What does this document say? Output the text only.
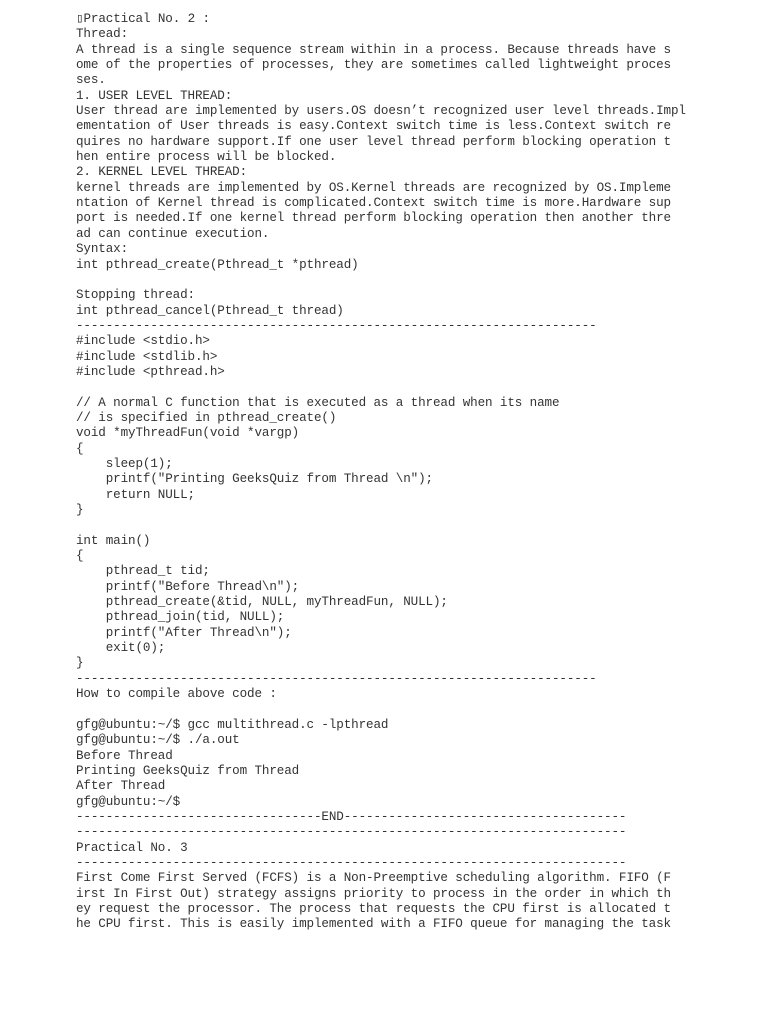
▯Practical No. 2 :
Thread:
A thread is a single sequence stream within in a process. Because threads have s
ome of the properties of processes, they are sometimes called lightweight proces
ses.
1. USER LEVEL THREAD:
User thread are implemented by users.OS doesn’t recognized user level threads.Impl
ementation of User threads is easy.Context switch time is less.Context switch re
quires no hardware support.If one user level thread perform blocking operation t
hen entire process will be blocked.
2. KERNEL LEVEL THREAD:
kernel threads are implemented by OS.Kernel threads are recognized by OS.Impleme
ntation of Kernel thread is complicated.Context switch time is more.Hardware sup
port is needed.If one kernel thread perform blocking operation then another thre
ad can continue execution.
Syntax:
int pthread_create(Pthread_t *pthread)
Stopping thread:
int pthread_cancel(Pthread_t thread)
----------------------------------------------------------------------
#include <stdio.h>
#include <stdlib.h>
#include <pthread.h>
// A normal C function that is executed as a thread when its name
// is specified in pthread_create()
void *myThreadFun(void *vargp)
{
sleep(1);
printf("Printing GeeksQuiz from Thread \n");
return NULL;
}
int main()
{
pthread_t tid;
printf("Before Thread\n");
pthread_create(&tid, NULL, myThreadFun, NULL);
pthread_join(tid, NULL);
printf("After Thread\n");
exit(0);
}
----------------------------------------------------------------------
How to compile above code :
gfg@ubuntu:~/$ gcc multithread.c -lpthread
gfg@ubuntu:~/$ ./a.out
Before Thread
Printing GeeksQuiz from Thread
After Thread
gfg@ubuntu:~/$
---------------------------------END--------------------------------------
--------------------------------------------------------------------------
Practical No. 3
--------------------------------------------------------------------------
First Come First Served (FCFS) is a Non-Preemptive scheduling algorithm. FIFO (F
irst In First Out) strategy assigns priority to process in the order in which th
ey request the processor. The process that requests the CPU first is allocated t
he CPU first. This is easily implemented with a FIFO queue for managing the task
